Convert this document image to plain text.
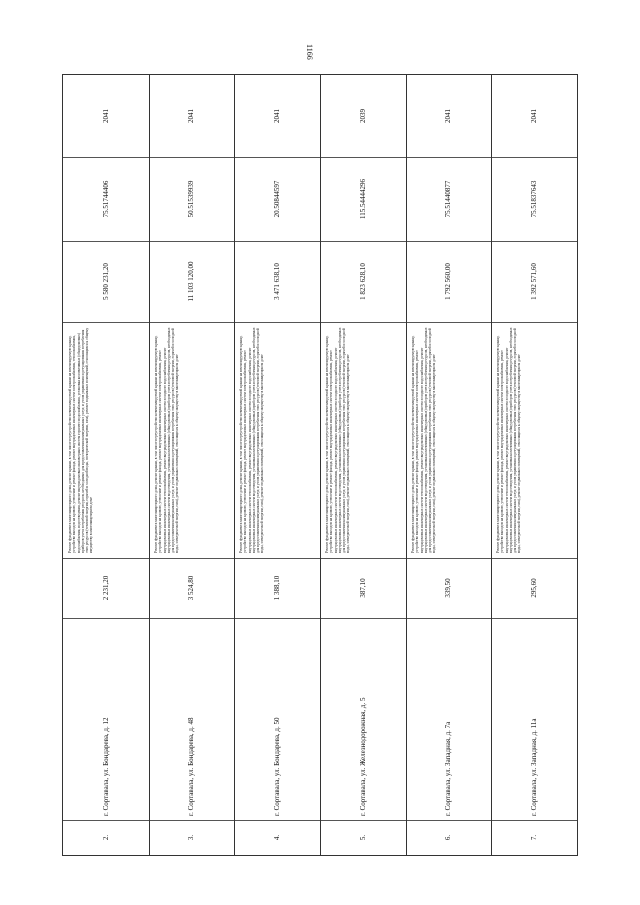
1166
2041
75.51744406
5 580 231,20
Ремонт фундамента многоквартирного дома, ремонт крыши, в том числе переустройство невентилируемой крыши на вентилируемую крышу, устройство выходов на кровлю, утепление и ремонт фасада, ремонт внутридомовых инженерных систем электроснабжения, теплоснабжения, водоснабжения, водоотведения, ремонт внутридомовых инженерных систем горячего водоснабжения, установка коллективных (общедомовых) приборов учета потребления ресурсов, необходимых для предоставления коммунальных услуг, и узлов управления и регулирования потребления этих ресурсов (тепловой энергии, горячей и холодной воды, электрической энергии, газа), ремонт подвальных помещений, относящихся к общему имуществу в многоквартирном доме
2 231,20
г. Сортавала, ул. Бондарева, д. 12
2.
2041
50.51539939
11 103 120,00
Ремонт фундамента многоквартирного дома, ремонт крыши, в том числе переустройство невентилируемой крыши на вентилируемую крышу, устройство выходов на кровлю, утепление и ремонт фасада, ремонт внутридомовых инженерных систем электроснабжения, ремонт внутридомовых инженерных систем теплоснабжения, ремонт внутридомовых инженерных систем холодного водоснабжения, ремонт внутридомовых инженерных систем водоотведения, установка коллективных (общедомовых) приборов учета потребления ресурсов, необходимых для предоставления коммунальных услуг, и узлов управления и регулирования потребления этих ресурсов (тепловой энергии, горячей и холодной воды, электрической энергии, газа), ремонт подвальных помещений, относящихся к общему имуществу в многоквартирном доме
3 524,80
г. Сортавала, ул. Бондарева, д. 48
3.
2041
20.50844597
3 471 638,10
Ремонт фундамента многоквартирного дома, ремонт крыши, в том числе переустройство невентилируемой крыши на вентилируемую крышу, устройство выходов на кровлю, утепление и ремонт фасада, ремонт внутридомовых инженерных систем электроснабжения, ремонт внутридомовых инженерных систем теплоснабжения, ремонт внутридомовых инженерных систем холодного водоснабжения, ремонт внутридомовых инженерных систем водоотведения, установка коллективных (общедомовых) приборов учета потребления ресурсов, необходимых для предоставления коммунальных услуг, и узлов управления и регулирования потребления этих ресурсов (тепловой энергии, горячей и холодной воды, электрической энергии, газа), ремонт подвальных помещений, относящихся к общему имуществу в многоквартирном доме
1 388,10
г. Сортавала, ул. Бондарева, д. 50
4.
2039
115.54444296
1 823 628,10
Ремонт фундамента многоквартирного дома, ремонт крыши, в том числе переустройство невентилируемой крыши на вентилируемую крышу, устройство выходов на кровлю, утепление и ремонт фасада, ремонт внутридомовых инженерных систем электроснабжения, ремонт внутридомовых инженерных систем теплоснабжения, ремонт внутридомовых инженерных систем холодного водоснабжения, ремонт внутридомовых инженерных систем водоотведения, установка коллективных (общедомовых) приборов учета потребления ресурсов, необходимых для предоставления коммунальных услуг, и узлов управления и регулирования потребления этих ресурсов (тепловой энергии, горячей и холодной воды, электрической энергии, газа), ремонт подвальных помещений, относящихся к общему имуществу в многоквартирном доме
387,10
г. Сортавала, ул. Железнодорожная, д. 5
5.
2041
75.51440877
1 792 560,00
Ремонт фундамента многоквартирного дома, ремонт крыши, в том числе переустройство невентилируемой крыши на вентилируемую крышу, устройство выходов на кровлю, утепление и ремонт фасада, ремонт внутридомовых инженерных систем электроснабжения, ремонт внутридомовых инженерных систем теплоснабжения, ремонт внутридомовых инженерных систем холодного водоснабжения, ремонт внутридомовых инженерных систем водоотведения, установка коллективных (общедомовых) приборов учета потребления ресурсов, необходимых для предоставления коммунальных услуг, и узлов управления и регулирования потребления этих ресурсов (тепловой энергии, горячей и холодной воды, электрической энергии, газа), ремонт подвальных помещений, относящихся к общему имуществу в многоквартирном доме
339,50
г. Сортавала, ул. Западная, д. 7а
6.
2041
75.51837643
1 392 571,60
Ремонт фундамента многоквартирного дома, ремонт крыши, в том числе переустройство невентилируемой крыши на вентилируемую крышу, устройство выходов на кровлю, утепление и ремонт фасада, ремонт внутридомовых инженерных систем электроснабжения, ремонт внутридомовых инженерных систем теплоснабжения, ремонт внутридомовых инженерных систем холодного водоснабжения, ремонт внутридомовых инженерных систем водоотведения, установка коллективных (общедомовых) приборов учета потребления ресурсов, необходимых для предоставления коммунальных услуг, и узлов управления и регулирования потребления этих ресурсов (тепловой энергии, горячей и холодной воды, электрической энергии, газа), ремонт подвальных помещений, относящихся к общему имуществу в многоквартирном доме
295,60
г. Сортавала, ул. Западная, д. 11а
7.
